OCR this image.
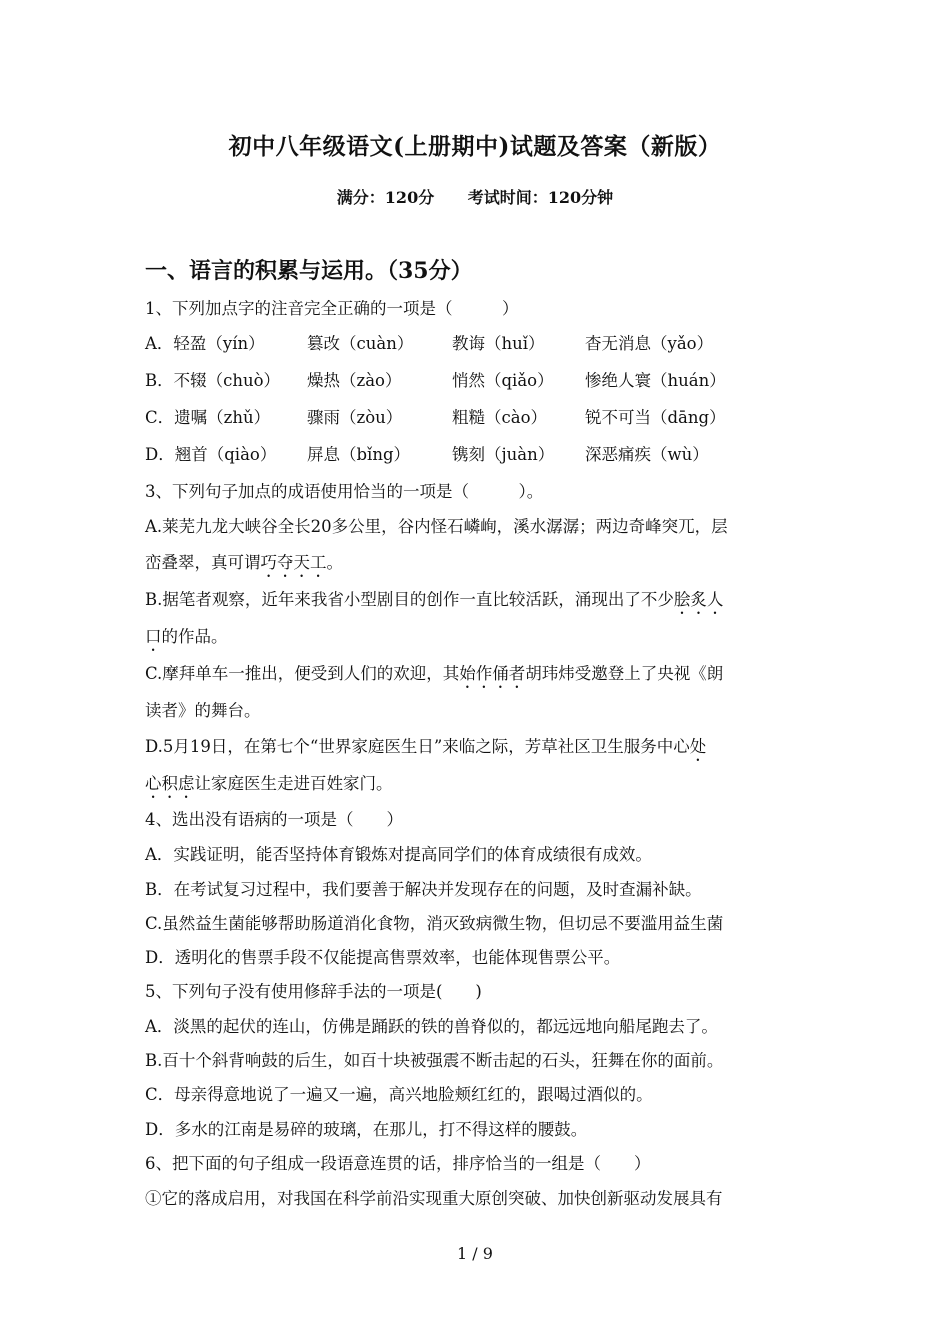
初中八年级语文(上册期中)试题及答案（新版）
满分：120分 考试时间：120分钟
一、语言的积累与运用。（35分）
1、下列加点字的注音完全正确的一项是（　　　）
A．轻盈（yín）	篡改（cuàn） 教诲（huǐ） 杳无消息（yǎo）
B．不辍（chuò） 燥热（zào）	悄然（qiǎo） 惨绝人寰（huán）
C．遗嘱（zhǔ） 骤雨（zòu）	粗糙（cào） 锐不可当（dāng）
D．翘首（qiào） 屏息（bǐng）	镌刻（juàn） 深恶痛疾（wù）
3、下列句子加点的成语使用恰当的一项是（　　　）。
A.莱芜九龙大峡谷全长20多公里，谷内怪石嶙峋，溪水潺潺；两边奇峰突兀，层
峦叠翠，真可谓巧夺天工。
B.据笔者观察，近年来我省小型剧目的创作一直比较活跃，涌现出了不少脍炙人
口的作品。
C.摩拜单车一推出，便受到人们的欢迎，其始作俑者胡玮炜受邀登上了央视《朗
读者》的舞台。
D.5月19日，在第七个“世界家庭医生日”来临之际，芳草社区卫生服务中心处
心积虑让家庭医生走进百姓家门。
4、选出没有语病的一项是（　　）
A．实践证明，能否坚持体育锻炼对提高同学们的体育成绩很有成效。
B．在考试复习过程中，我们要善于解决并发现存在的问题，及时查漏补缺。
C.虽然益生菌能够帮助肠道消化食物，消灭致病微生物，但切忌不要滥用益生菌
D．透明化的售票手段不仅能提高售票效率，也能体现售票公平。
5、下列句子没有使用修辞手法的一项是(　　)
A．淡黑的起伏的连山，仿佛是踊跃的铁的兽脊似的，都远远地向船尾跑去了。
B.百十个斜背响鼓的后生，如百十块被强震不断击起的石头，狂舞在你的面前。
C．母亲得意地说了一遍又一遍，高兴地脸颊红红的，跟喝过酒似的。
D．多水的江南是易碎的玻璃，在那儿，打不得这样的腰鼓。
6、把下面的句子组成一段语意连贯的话，排序恰当的一组是（　　）
①它的落成启用，对我国在科学前沿实现重大原创突破、加快创新驱动发展具有
1 / 9
